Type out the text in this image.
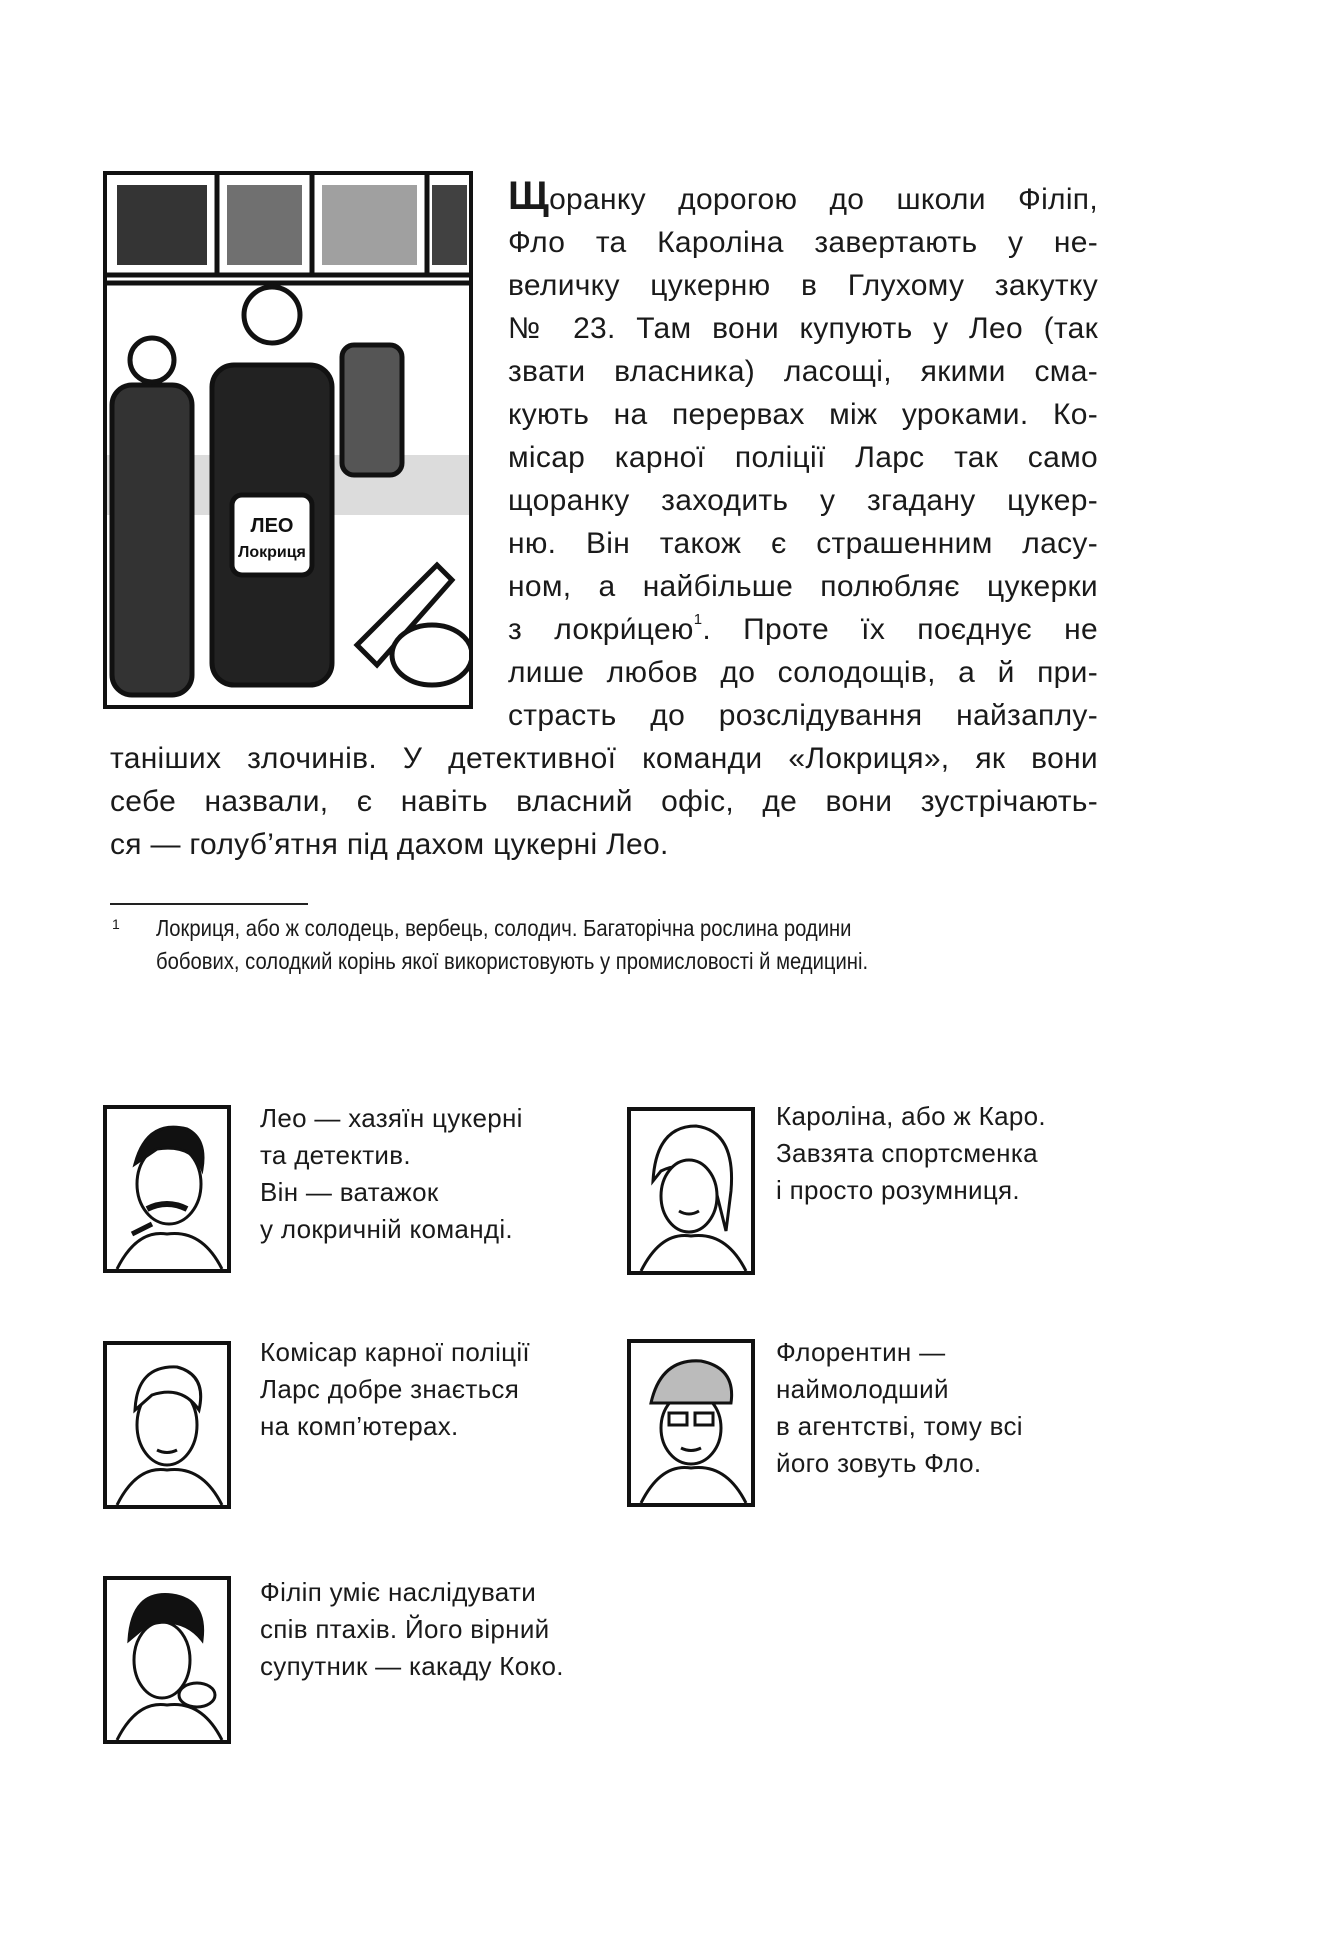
ЛЕО
Локриця
Щоранку дорогою до школи Філіп,
Фло та Кароліна завертають у не-
величку цукерню в Глухому закутку
№ 23. Там вони купують у Лео (так
звати власника) ласощі, якими сма-
кують на перервах між уроками. Ко-
місар карної поліції Ларс так само
щоранку заходить у згадану цукер-
ню. Він також є страшенним ласу-
ном, а найбільше полюбляє цукерки
з локри́цею$^1$. Проте їх поєднує не
лише любов до солодощів, а й при-
страсть до розслідування найзаплу-
таніших злочинів. У детективної команди «Локриця», як вони
себе назвали, є навіть власний офіс, де вони зустрічають-
ся — голуб’ятня під дахом цукерні Лео.
1 Локриця, або ж солодець, вербець, солодич. Багаторічна рослина родини
бобових, солодкий корінь якої використовують у промисловості й медицині.
Лео — хазяїн цукерні
та детектив.
Він — ватажок
у локричній команді.
Кароліна, або ж Каро.
Завзята спортсменка
і просто розумниця.
Комісар карної поліції
Ларс добре знається
на комп’ютерах.
Флорентин —
наймолодший
в агентстві, тому всі
його зовуть Фло.
Філіп уміє наслідувати
спів птахів. Його вірний
супутник — какаду Коко.
